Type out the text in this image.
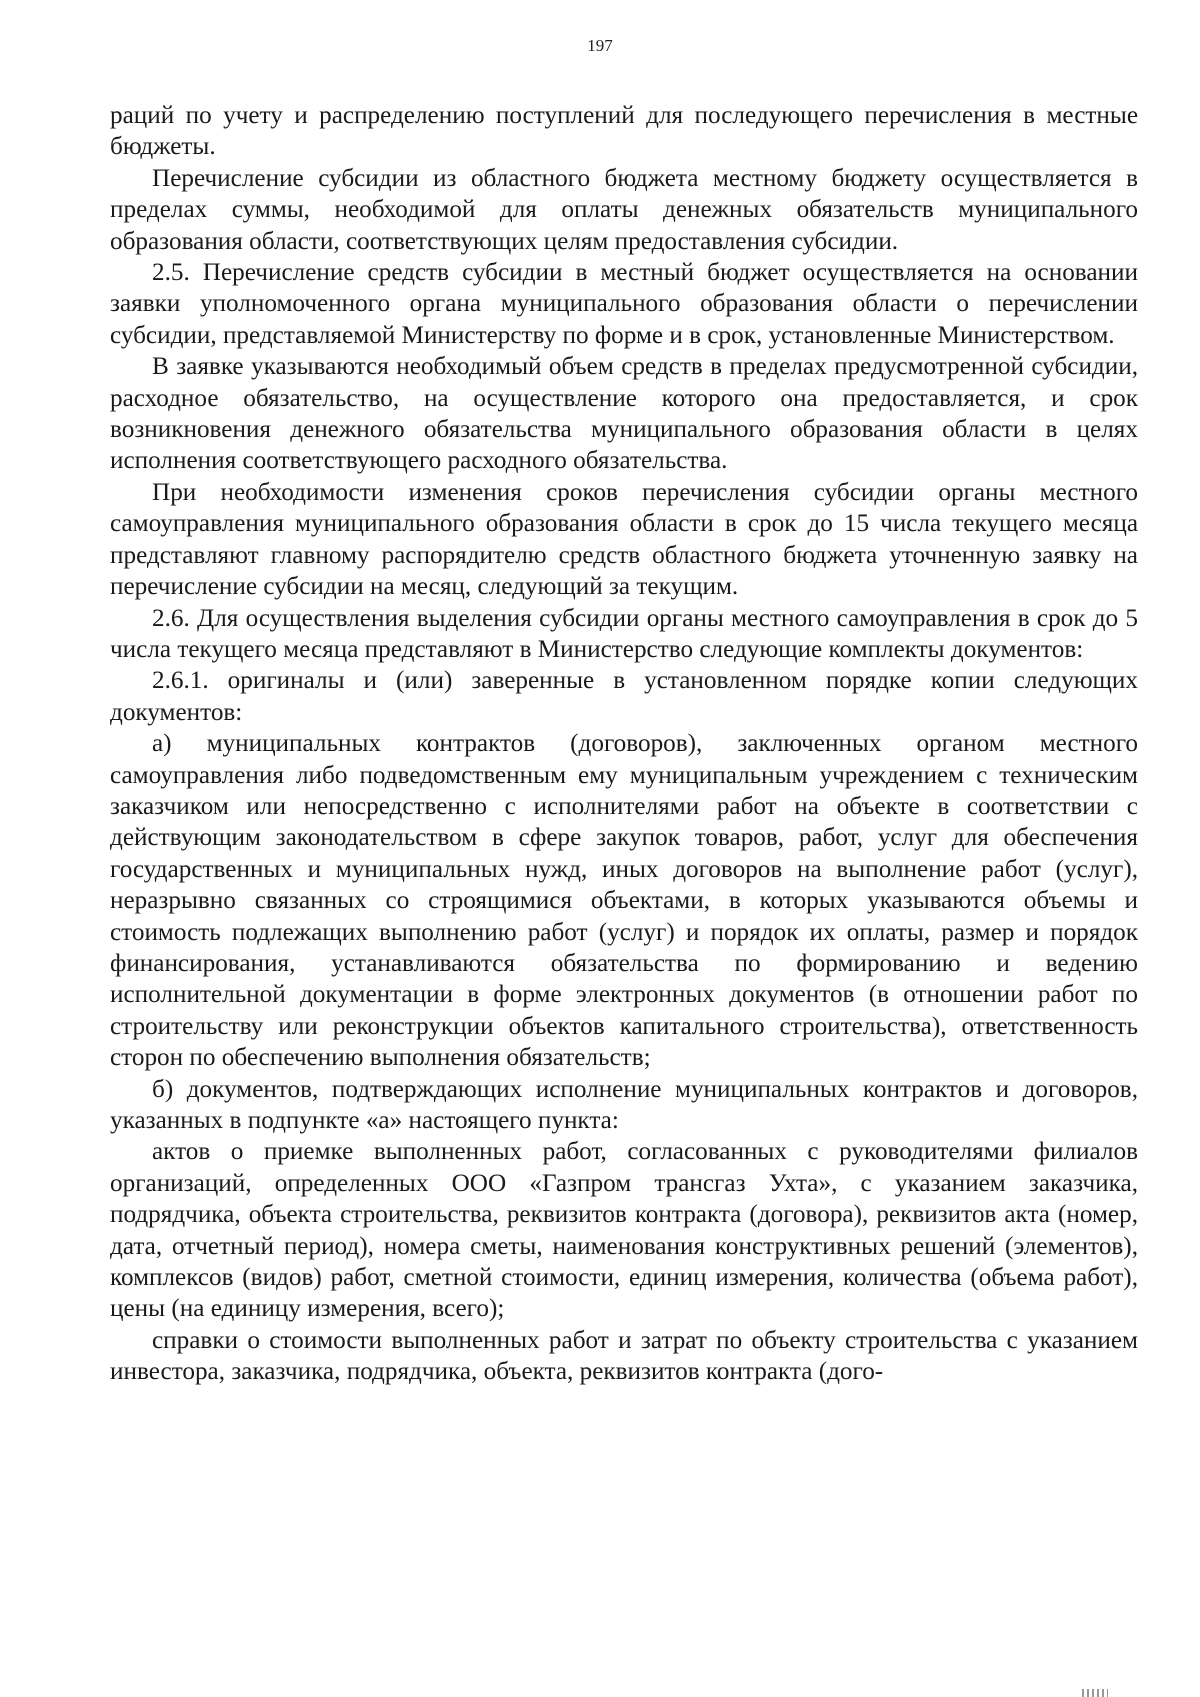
197

раций по учету и распределению поступлений для последующего перечисления в местные бюджеты.

Перечисление субсидии из областного бюджета местному бюджету осуществляется в пределах суммы, необходимой для оплаты денежных обязательств муниципального образования области, соответствующих целям предоставления субсидии.

2.5. Перечисление средств субсидии в местный бюджет осуществляется на основании заявки уполномоченного органа муниципального образования области о перечислении субсидии, представляемой Министерству по форме и в срок, установленные Министерством.

В заявке указываются необходимый объем средств в пределах предусмотренной субсидии, расходное обязательство, на осуществление которого она предоставляется, и срок возникновения денежного обязательства муниципального образования области в целях исполнения соответствующего расходного обязательства.

При необходимости изменения сроков перечисления субсидии органы местного самоуправления муниципального образования области в срок до 15 числа текущего месяца представляют главному распорядителю средств областного бюджета уточненную заявку на перечисление субсидии на месяц, следующий за текущим.

2.6. Для осуществления выделения субсидии органы местного самоуправления в срок до 5 числа текущего месяца представляют в Министерство следующие комплекты документов:

2.6.1. оригиналы и (или) заверенные в установленном порядке копии следующих документов:

а) муниципальных контрактов (договоров), заключенных органом местного самоуправления либо подведомственным ему муниципальным учреждением с техническим заказчиком или непосредственно с исполнителями работ на объекте в соответствии с действующим законодательством в сфере закупок товаров, работ, услуг для обеспечения государственных и муниципальных нужд, иных договоров на выполнение работ (услуг), неразрывно связанных со строящимися объектами, в которых указываются объемы и стоимость подлежащих выполнению работ (услуг) и порядок их оплаты, размер и порядок финансирования, устанавливаются обязательства по формированию и ведению исполнительной документации в форме электронных документов (в отношении работ по строительству или реконструкции объектов капитального строительства), ответственность сторон по обеспечению выполнения обязательств;

б) документов, подтверждающих исполнение муниципальных контрактов и договоров, указанных в подпункте «а» настоящего пункта:

актов о приемке выполненных работ, согласованных с руководителями филиалов организаций, определенных ООО «Газпром трансгаз Ухта», с указанием заказчика, подрядчика, объекта строительства, реквизитов контракта (договора), реквизитов акта (номер, дата, отчетный период), номера сметы, наименования конструктивных решений (элементов), комплексов (видов) работ, сметной стоимости, единиц измерения, количества (объема работ), цены (на единицу измерения, всего);

справки о стоимости выполненных работ и затрат по объекту строительства с указанием инвестора, заказчика, подрядчика, объекта, реквизитов контракта (дого-
